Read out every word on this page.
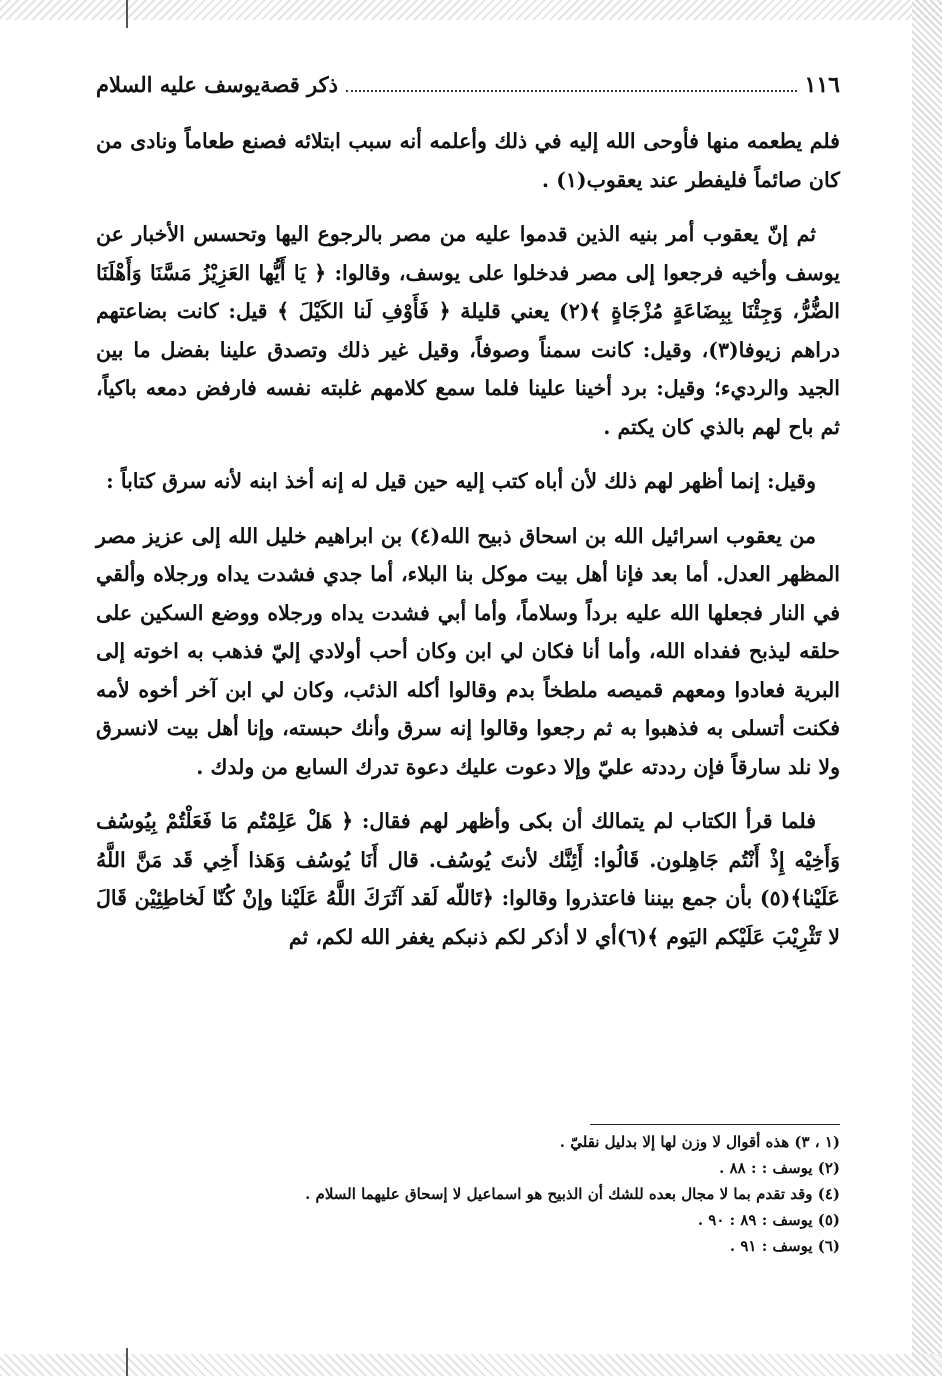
١١٦
ذكر قصةيوسف عليه السلام

فلم يطعمه منها فأوحى الله إليه في ذلك وأعلمه أنه سبب ابتلائه فصنع طعاماً ونادى من كان صائماً فليفطر عند يعقوب(١) .

ثم إنّ يعقوب أمر بنيه الذين قدموا عليه من مصر بالرجوع اليها وتحسس الأخبار عن يوسف وأخيه فرجعوا إلى مصر فدخلوا على يوسف، وقالوا: ﴿ يَا أَيُّها العَزِيْزُ مَسَّنَا وَأَهْلَنَا الضُّرُّ، وَجِئْنَا بِبِضَاعَةٍ مُزْجَاةٍ ﴾(٢) يعني قليلة ﴿ فَأَوْفِ لَنا الكَيْلَ ﴾ قيل: كانت بضاعتهم دراهم زيوفا(٣)، وقيل: كانت سمناً وصوفاً، وقيل غير ذلك وتصدق علينا بفضل ما بين الجيد والرديء؛ وقيل: برد أخينا علينا فلما سمع كلامهم غلبته نفسه فارفض دمعه باكياً، ثم باح لهم بالذي كان يكتم .

وقيل: إنما أظهر لهم ذلك لأن أباه كتب إليه حين قيل له إنه أخذ ابنه لأنه سرق كتاباً :

من يعقوب اسرائيل الله بن اسحاق ذبيح الله(٤) بن ابراهيم خليل الله إلى عزيز مصر المظهر العدل. أما بعد فإنا أهل بيت موكل بنا البلاء، أما جدي فشدت يداه ورجلاه وألقي في النار فجعلها الله عليه برداً وسلاماً، وأما أبي فشدت يداه ورجلاه ووضع السكين على حلقه ليذبح ففداه الله، وأما أنا فكان لي ابن وكان أحب أولادي إليّ فذهب به اخوته إلى البرية فعادوا ومعهم قميصه ملطخاً بدم وقالوا أكله الذئب، وكان لي ابن آخر أخوه لأمه فكنت أتسلى به فذهبوا به ثم رجعوا وقالوا إنه سرق وأنك حبسته، وإنا أهل بيت لانسرق ولا نلد سارقاً فإن رددته عليّ وإلا دعوت عليك دعوة تدرك السابع من ولدك .

فلما قرأ الكتاب لم يتمالك أن بكى وأظهر لهم فقال: ﴿ هَلْ عَلِمْتُم مَا فَعَلْتُمْ بِيُوسُف وَأَخِيْه إِذْ أَنْتُم جَاهِلون. قَالُوا: أَئِنَّك لأنتَ يُوسُف. قال أَنَا يُوسُف وَهَذا أَخِي قَد مَنَّ اللَّهُ عَلَيْنا﴾(٥) بأن جمع بيننا فاعتذروا وقالوا: ﴿تَاللّه لَقد آثَرَكَ اللَّهُ عَلَيْنا وإنْ كُنّا لَخاطِئِيْن قَالَ لا تَثْرِيْبَ عَلَيْكم اليَوم ﴾(٦)أي لا أذكر لكم ذنبكم يغفر الله لكم، ثم

(١ ، ٣) هذه أقوال لا وزن لها إلا بدليل نقليّ .

(٢) يوسف : : ٨٨ .

(٤) وقد تقدم بما لا مجال بعده للشك أن الذبيح هو اسماعيل لا إسحاق عليهما السلام .

(٥) يوسف : ٨٩ : ٩٠ .

(٦) يوسف : ٩١ .
